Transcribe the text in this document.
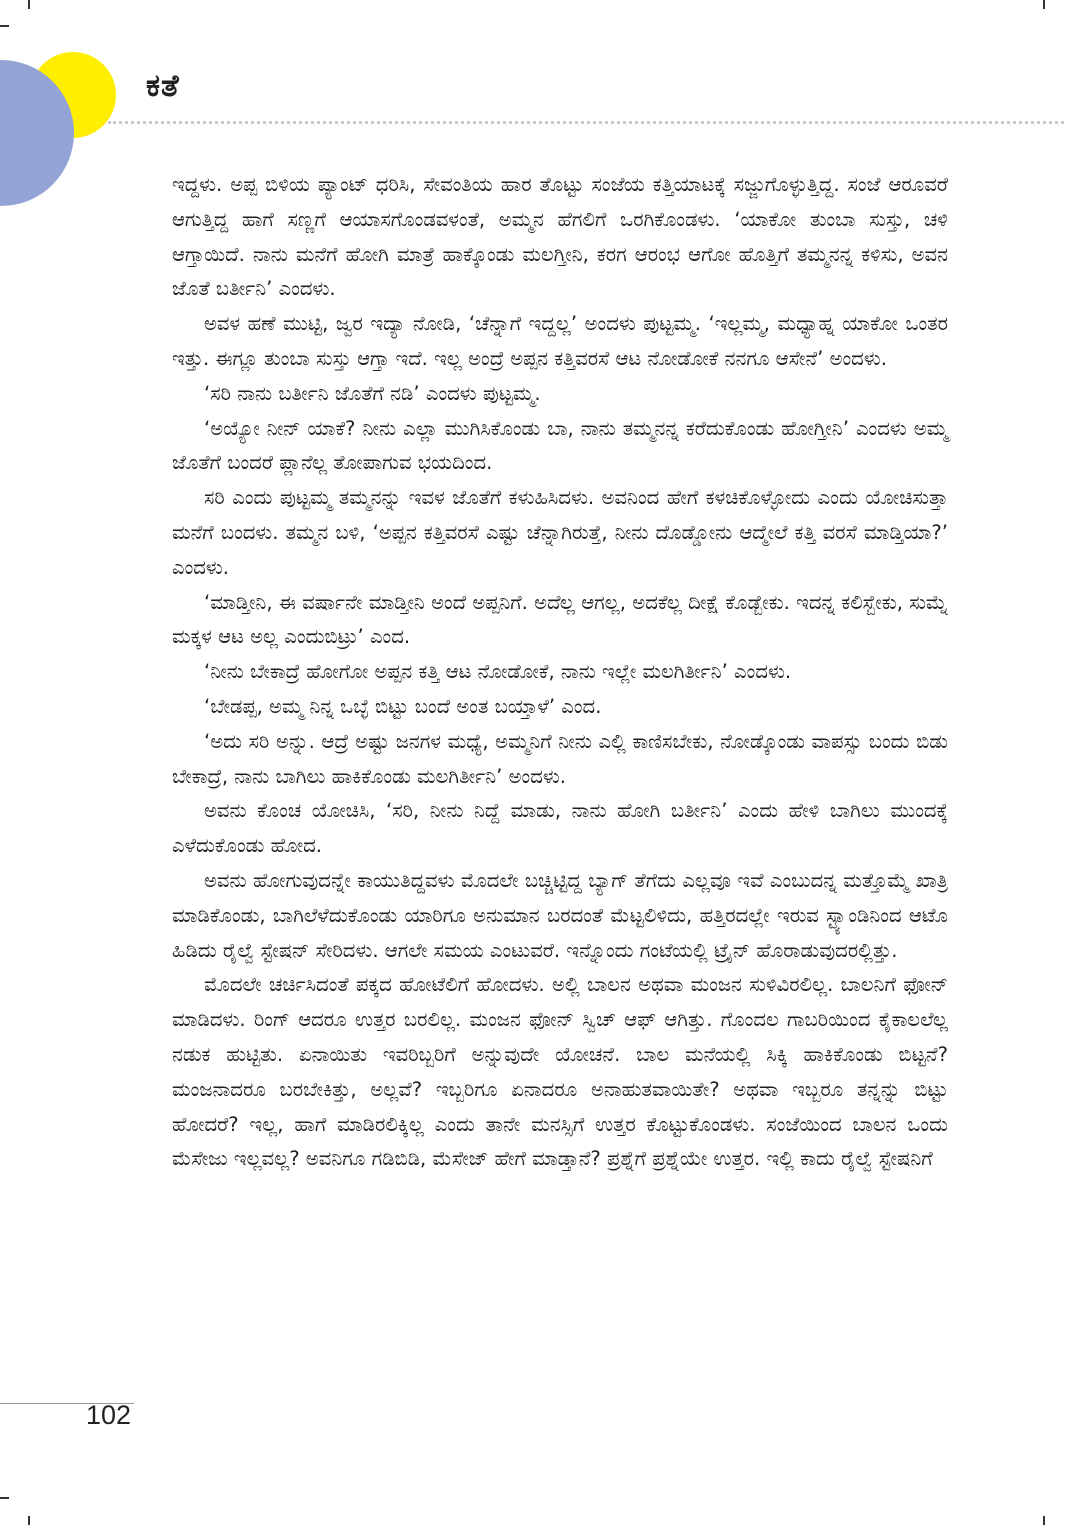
ಕತೆ

ಇದ್ದಳು. ಅಪ್ಪ ಬಿಳಿಯ ಪ್ಯಾಂಟ್ ಧರಿಸಿ, ಸೇವಂತಿಯ ಹಾರ ತೊಟ್ಟು ಸಂಜೆಯ ಕತ್ತಿಯಾಟಕ್ಕೆ ಸಜ್ಜುಗೊಳ್ಳುತ್ತಿದ್ದ. ಸಂಜೆ ಆರೂವರೆ ಆಗುತ್ತಿದ್ದ ಹಾಗೆ ಸಣ್ಣಗೆ ಆಯಾಸಗೊಂಡವಳಂತೆ, ಅಮ್ಮನ ಹೆಗಲಿಗೆ ಒರಗಿಕೊಂಡಳು. ‘ಯಾಕೋ ತುಂಬಾ ಸುಸ್ತು, ಚಳಿ ಆಗ್ತಾಯಿದೆ. ನಾನು ಮನೆಗೆ ಹೋಗಿ ಮಾತ್ರೆ ಹಾಕ್ಕೊಂಡು ಮಲಗ್ತೀನಿ, ಕರಗ ಆರಂಭ ಆಗೋ ಹೊತ್ತಿಗೆ ತಮ್ಮನನ್ನ ಕಳಿಸು, ಅವನ ಜೊತೆ ಬರ್ತೀನಿ’ ಎಂದಳು.

ಅವಳ ಹಣೆ ಮುಟ್ಟಿ, ಜ್ವರ ಇದ್ಯಾ ನೋಡಿ, ‘ಚೆನ್ನಾಗೆ ಇದ್ದಲ್ಲ’ ಅಂದಳು ಪುಟ್ಟಮ್ಮ. ‘ಇಲ್ಲಮ್ಮ, ಮಧ್ಯಾಹ್ನ ಯಾಕೋ ಒಂತರ ಇತ್ತು. ಈಗ್ಲೂ ತುಂಬಾ ಸುಸ್ತು ಆಗ್ತಾ ಇದೆ. ಇಲ್ಲ ಅಂದ್ರೆ ಅಪ್ಪನ ಕತ್ತಿವರಸೆ ಆಟ ನೋಡೋಕೆ ನನಗೂ ಆಸೇನೆ’ ಅಂದಳು.

‘ಸರಿ ನಾನು ಬರ್ತೀನಿ ಜೊತೆಗೆ ನಡಿ’ ಎಂದಳು ಪುಟ್ಟಮ್ಮ.

‘ಅಯ್ಯೋ ನೀನ್ ಯಾಕೆ? ನೀನು ಎಲ್ಲಾ ಮುಗಿಸಿಕೊಂಡು ಬಾ, ನಾನು ತಮ್ಮನನ್ನ ಕರೆದುಕೊಂಡು ಹೋಗ್ತೀನಿ’ ಎಂದಳು ಅಮ್ಮ ಜೊತೆಗೆ ಬಂದರೆ ಪ್ಲಾನೆಲ್ಲ ತೋಪಾಗುವ ಭಯದಿಂದ.

ಸರಿ ಎಂದು ಪುಟ್ಟಮ್ಮ ತಮ್ಮನನ್ನು ಇವಳ ಜೊತೆಗೆ ಕಳುಹಿಸಿದಳು. ಅವನಿಂದ ಹೇಗೆ ಕಳಚಿಕೊಳ್ಳೋದು ಎಂದು ಯೋಚಿಸುತ್ತಾ ಮನೆಗೆ ಬಂದಳು. ತಮ್ಮನ ಬಳಿ, ‘ಅಪ್ಪನ ಕತ್ತಿವರಸೆ ಎಷ್ಟು ಚೆನ್ನಾಗಿರುತ್ತೆ, ನೀನು ದೊಡ್ಡೋನು ಆದ್ಮೇಲೆ ಕತ್ತಿ ವರಸೆ ಮಾಡ್ತಿಯಾ?’ ಎಂದಳು.

‘ಮಾಡ್ತೀನಿ, ಈ ವರ್ಷಾನೇ ಮಾಡ್ತೀನಿ ಅಂದೆ ಅಪ್ಪನಿಗೆ. ಅದೆಲ್ಲ ಆಗಲ್ಲ, ಅದಕೆಲ್ಲ ದೀಕ್ಷೆ ಕೊಡ್ಬೇಕು. ಇದನ್ನ ಕಲಿಸ್ಬೇಕು, ಸುಮ್ನೆ ಮಕ್ಕಳ ಆಟ ಅಲ್ಲ ಎಂದುಬಿಟ್ರು’ ಎಂದ.

‘ನೀನು ಬೇಕಾದ್ರೆ ಹೋಗೋ ಅಪ್ಪನ ಕತ್ತಿ ಆಟ ನೋಡೋಕೆ, ನಾನು ಇಲ್ಲೇ ಮಲಗಿರ್ತೀನಿ’ ಎಂದಳು.

‘ಬೇಡಪ್ಪ, ಅಮ್ಮ ನಿನ್ನ ಒಬ್ಳೆ ಬಿಟ್ಟು ಬಂದೆ ಅಂತ ಬಯ್ತಾಳೆ’ ಎಂದ.

‘ಅದು ಸರಿ ಅನ್ನು. ಆದ್ರೆ ಅಷ್ಟು ಜನಗಳ ಮಧ್ಯೆ, ಅಮ್ಮನಿಗೆ ನೀನು ಎಲ್ಲಿ ಕಾಣಿಸಬೇಕು, ನೋಡ್ಕೊಂಡು ವಾಪಸ್ಸು ಬಂದು ಬಿಡು ಬೇಕಾದ್ರೆ, ನಾನು ಬಾಗಿಲು ಹಾಕಿಕೊಂಡು ಮಲಗಿರ್ತೀನಿ’ ಅಂದಳು.

ಅವನು ಕೊಂಚ ಯೋಚಿಸಿ, ‘ಸರಿ, ನೀನು ನಿದ್ದೆ ಮಾಡು, ನಾನು ಹೋಗಿ ಬರ್ತೀನಿ’ ಎಂದು ಹೇಳಿ ಬಾಗಿಲು ಮುಂದಕ್ಕೆ ಎಳೆದುಕೊಂಡು ಹೋದ.

ಅವನು ಹೋಗುವುದನ್ನೇ ಕಾಯುತಿದ್ದವಳು ಮೊದಲೇ ಬಚ್ಚಿಟ್ಟಿದ್ದ ಬ್ಯಾಗ್ ತೆಗೆದು ಎಲ್ಲವೂ ಇವೆ ಎಂಬುದನ್ನ ಮತ್ತೊಮ್ಮೆ ಖಾತ್ರಿ ಮಾಡಿಕೊಂಡು, ಬಾಗಿಲೆಳೆದುಕೊಂಡು ಯಾರಿಗೂ ಅನುಮಾನ ಬರದಂತೆ ಮೆಟ್ಟಲಿಳಿದು, ಹತ್ತಿರದಲ್ಲೇ ಇರುವ ಸ್ಟ್ಯಾಂಡಿನಿಂದ ಆಟೊ ಹಿಡಿದು ರೈಲ್ವೆ ಸ್ಟೇಷನ್ ಸೇರಿದಳು. ಆಗಲೇ ಸಮಯ ಎಂಟುವರೆ. ಇನ್ನೊಂದು ಗಂಟೆಯಲ್ಲಿ ಟ್ರೈನ್ ಹೊರಾಡುವುದರಲ್ಲಿತ್ತು.

ಮೊದಲೇ ಚರ್ಚಿಸಿದಂತೆ ಪಕ್ಕದ ಹೋಟೆಲಿಗೆ ಹೋದಳು. ಅಲ್ಲಿ ಬಾಲನ ಅಥವಾ ಮಂಜನ ಸುಳಿವಿರಲಿಲ್ಲ. ಬಾಲನಿಗೆ ಫೋನ್ ಮಾಡಿದಳು. ರಿಂಗ್ ಆದರೂ ಉತ್ತರ ಬರಲಿಲ್ಲ. ಮಂಜನ ಫೋನ್ ಸ್ವಿಚ್ ಆಫ್ ಆಗಿತ್ತು. ಗೊಂದಲ ಗಾಬರಿಯಿಂದ ಕೈಕಾಲಲೆಲ್ಲ ನಡುಕ ಹುಟ್ಟಿತು. ಏನಾಯಿತು ಇವರಿಬ್ಬರಿಗೆ ಅನ್ನುವುದೇ ಯೋಚನೆ. ಬಾಲ ಮನೆಯಲ್ಲಿ ಸಿಕ್ಕಿ ಹಾಕಿಕೊಂಡು ಬಿಟ್ಟನೆ? ಮಂಜನಾದರೂ ಬರಬೇಕಿತ್ತು, ಅಲ್ಲವೆ? ಇಬ್ಬರಿಗೂ ಏನಾದರೂ ಅನಾಹುತವಾಯಿತೇ? ಅಥವಾ ಇಬ್ಬರೂ ತನ್ನನ್ನು ಬಿಟ್ಟು ಹೋದರೆ? ಇಲ್ಲ, ಹಾಗೆ ಮಾಡಿರಲಿಕ್ಕಿಲ್ಲ ಎಂದು ತಾನೇ ಮನಸ್ಸಿಗೆ ಉತ್ತರ ಕೊಟ್ಟುಕೊಂಡಳು. ಸಂಜೆಯಿಂದ ಬಾಲನ ಒಂದು ಮೆಸೇಜು ಇಲ್ಲವಲ್ಲ? ಅವನಿಗೂ ಗಡಿಬಿಡಿ, ಮೆಸೇಜ್ ಹೇಗೆ ಮಾಡ್ತಾನೆ? ಪ್ರಶ್ನೆಗೆ ಪ್ರಶ್ನೆಯೇ ಉತ್ತರ. ಇಲ್ಲಿ ಕಾದು ರೈಲ್ವೆ ಸ್ಟೇಷನಿಗೆ

102
